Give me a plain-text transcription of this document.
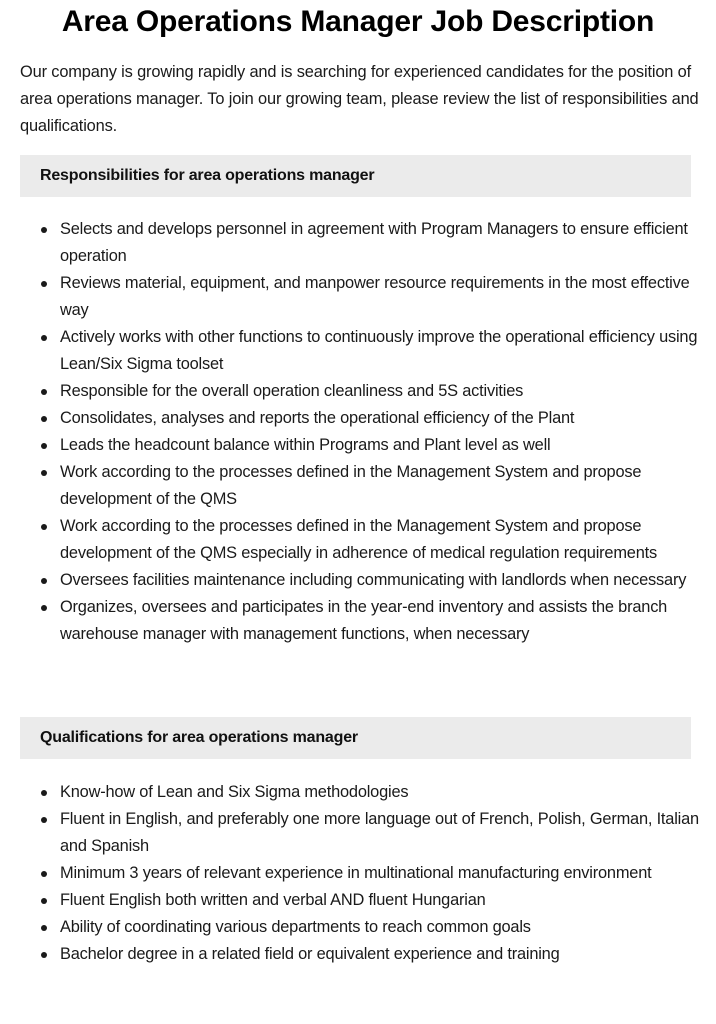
Area Operations Manager Job Description

Our company is growing rapidly and is searching for experienced candidates for the position of area operations manager. To join our growing team, please review the list of responsibilities and qualifications.

Responsibilities for area operations manager
Selects and develops personnel in agreement with Program Managers to ensure efficient operation
Reviews material, equipment, and manpower resource requirements in the most effective way
Actively works with other functions to continuously improve the operational efficiency using Lean/Six Sigma toolset
Responsible for the overall operation cleanliness and 5S activities
Consolidates, analyses and reports the operational efficiency of the Plant
Leads the headcount balance within Programs and Plant level as well
Work according to the processes defined in the Management System and propose development of the QMS
Work according to the processes defined in the Management System and propose development of the QMS especially in adherence of medical regulation requirements
Oversees facilities maintenance including communicating with landlords when necessary
Organizes, oversees and participates in the year-end inventory and assists the branch warehouse manager with management functions, when necessary
Qualifications for area operations manager
Know-how of Lean and Six Sigma methodologies
Fluent in English, and preferably one more language out of French, Polish, German, Italian and Spanish
Minimum 3 years of relevant experience in multinational manufacturing environment
Fluent English both written and verbal AND fluent Hungarian
Ability of coordinating various departments to reach common goals
Bachelor degree in a related field or equivalent experience and training
